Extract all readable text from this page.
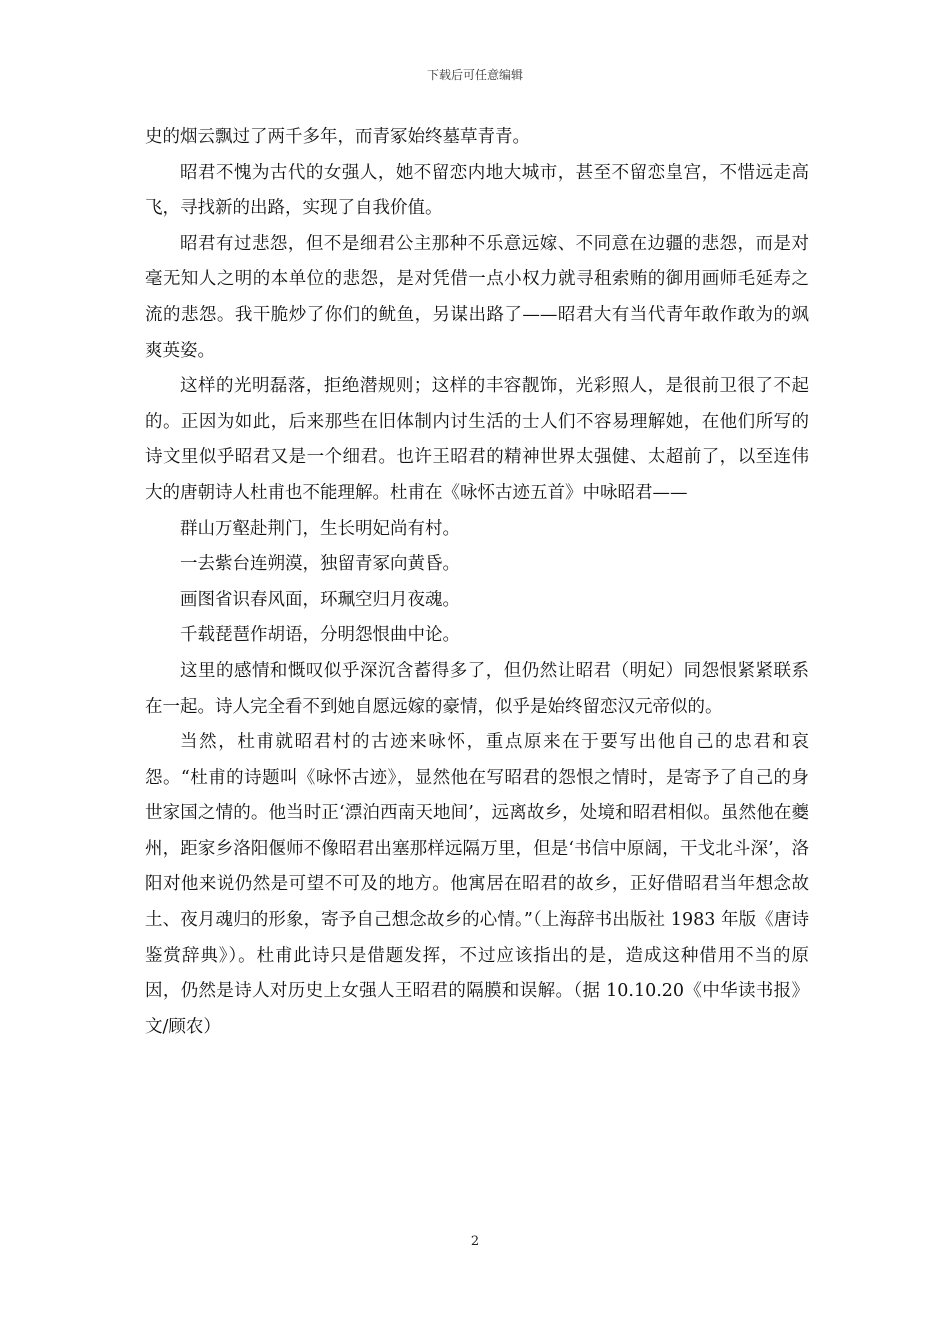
下载后可任意编辑

史的烟云飘过了两千多年，而青冢始终墓草青青。

昭君不愧为古代的女强人，她不留恋内地大城市，甚至不留恋皇宫，不惜远走高飞，寻找新的出路，实现了自我价值。

昭君有过悲怨，但不是细君公主那种不乐意远嫁、不同意在边疆的悲怨，而是对毫无知人之明的本单位的悲怨，是对凭借一点小权力就寻租索贿的御用画师毛延寿之流的悲怨。我干脆炒了你们的鱿鱼，另谋出路了——昭君大有当代青年敢作敢为的飒爽英姿。

这样的光明磊落，拒绝潜规则；这样的丰容靓饰，光彩照人，是很前卫很了不起的。正因为如此，后来那些在旧体制内讨生活的士人们不容易理解她，在他们所写的诗文里似乎昭君又是一个细君。也许王昭君的精神世界太强健、太超前了，以至连伟大的唐朝诗人杜甫也不能理解。杜甫在《咏怀古迹五首》中咏昭君——

群山万壑赴荆门，生长明妃尚有村。

一去紫台连朔漠，独留青冢向黄昏。

画图省识春风面，环珮空归月夜魂。

千载琵琶作胡语，分明怨恨曲中论。

这里的感情和慨叹似乎深沉含蓄得多了，但仍然让昭君（明妃）同怨恨紧紧联系在一起。诗人完全看不到她自愿远嫁的豪情，似乎是始终留恋汉元帝似的。

当然，杜甫就昭君村的古迹来咏怀，重点原来在于要写出他自己的忠君和哀怨。“杜甫的诗题叫《咏怀古迹》，显然他在写昭君的怨恨之情时，是寄予了自己的身世家国之情的。他当时正‘漂泊西南天地间’，远离故乡，处境和昭君相似。虽然他在夔州，距家乡洛阳偃师不像昭君出塞那样远隔万里，但是‘书信中原阔，干戈北斗深’，洛阳对他来说仍然是可望不可及的地方。他寓居在昭君的故乡，正好借昭君当年想念故土、夜月魂归的形象，寄予自己想念故乡的心情。”（上海辞书出版社 1983 年版《唐诗鉴赏辞典》）。杜甫此诗只是借题发挥，不过应该指出的是，造成这种借用不当的原因，仍然是诗人对历史上女强人王昭君的隔膜和误解。（据 10.10.20《中华读书报》文/顾农）

2
